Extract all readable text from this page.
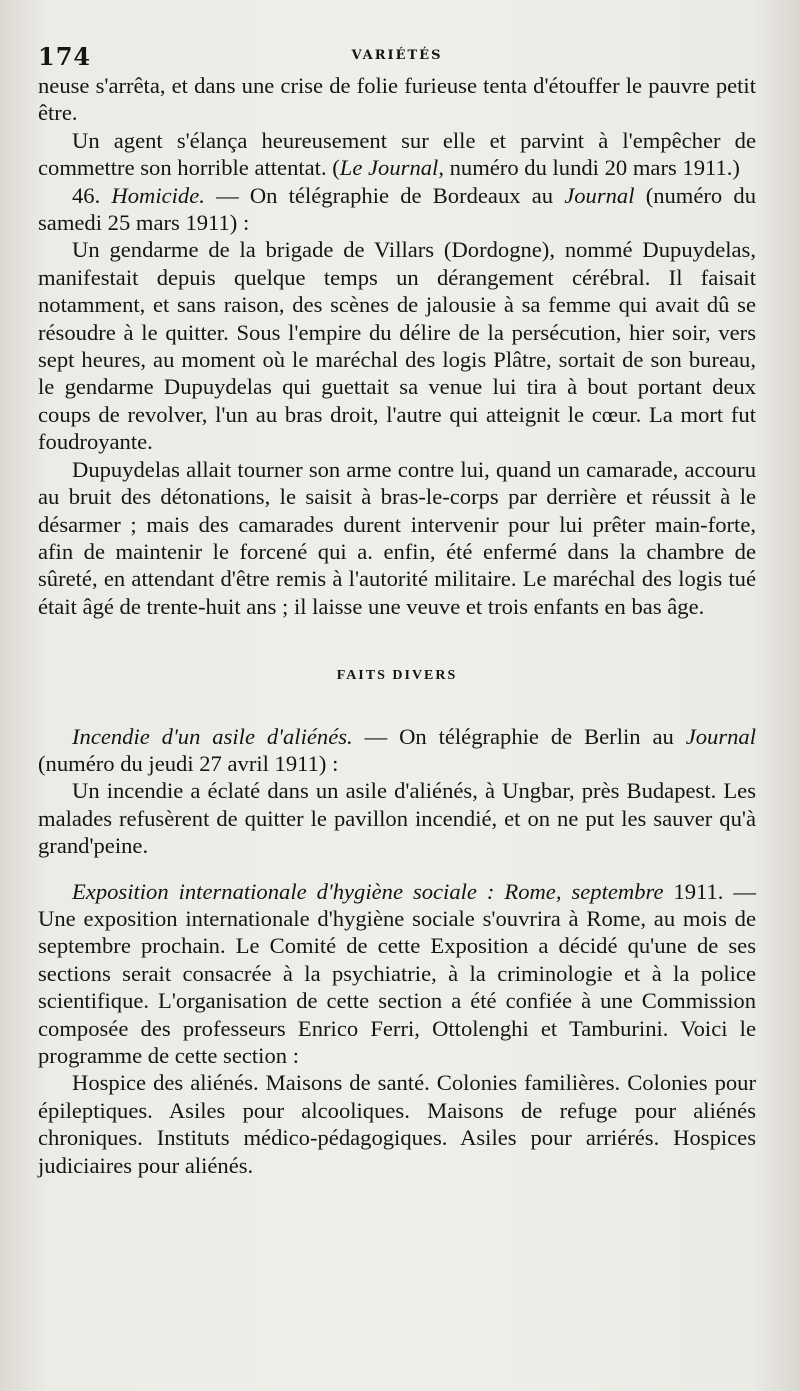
174	VARIÉTÉS

neuse s'arrêta, et dans une crise de folie furieuse tenta d'étouffer le pauvre petit être.

Un agent s'élança heureusement sur elle et parvint à l'empêcher de commettre son horrible attentat. (Le Journal, numéro du lundi 20 mars 1911.)

46. Homicide. — On télégraphie de Bordeaux au Journal (numéro du samedi 25 mars 1911) :

Un gendarme de la brigade de Villars (Dordogne), nommé Dupuydelas, manifestait depuis quelque temps un dérangement cérébral. Il faisait notamment, et sans raison, des scènes de jalousie à sa femme qui avait dû se résoudre à le quitter. Sous l'empire du délire de la persécution, hier soir, vers sept heures, au moment où le maréchal des logis Plâtre, sortait de son bureau, le gendarme Dupuydelas qui guettait sa venue lui tira à bout portant deux coups de revolver, l'un au bras droit, l'autre qui atteignit le cœur. La mort fut foudroyante.

Dupuydelas allait tourner son arme contre lui, quand un camarade, accouru au bruit des détonations, le saisit à bras-le-corps par derrière et réussit à le désarmer ; mais des camarades durent intervenir pour lui prêter main-forte, afin de maintenir le forcené qui a. enfin, été enfermé dans la chambre de sûreté, en attendant d'être remis à l'autorité militaire. Le maréchal des logis tué était âgé de trente-huit ans ; il laisse une veuve et trois enfants en bas âge.

FAITS DIVERS

Incendie d'un asile d'aliénés. — On télégraphie de Berlin au Journal (numéro du jeudi 27 avril 1911) :

Un incendie a éclaté dans un asile d'aliénés, à Ungbar, près Budapest. Les malades refusèrent de quitter le pavillon incendié, et on ne put les sauver qu'à grand'peine.

Exposition internationale d'hygiène sociale : Rome, septembre 1911. — Une exposition internationale d'hygiène sociale s'ouvrira à Rome, au mois de septembre prochain. Le Comité de cette Exposition a décidé qu'une de ses sections serait consacrée à la psychiatrie, à la criminologie et à la police scientifique. L'organisation de cette section a été confiée à une Commission composée des professeurs Enrico Ferri, Ottolenghi et Tamburini. Voici le programme de cette section :

Hospice des aliénés. Maisons de santé. Colonies familières. Colonies pour épileptiques. Asiles pour alcooliques. Maisons de refuge pour aliénés chroniques. Instituts médico-pédagogiques. Asiles pour arriérés. Hospices judiciaires pour aliénés.
